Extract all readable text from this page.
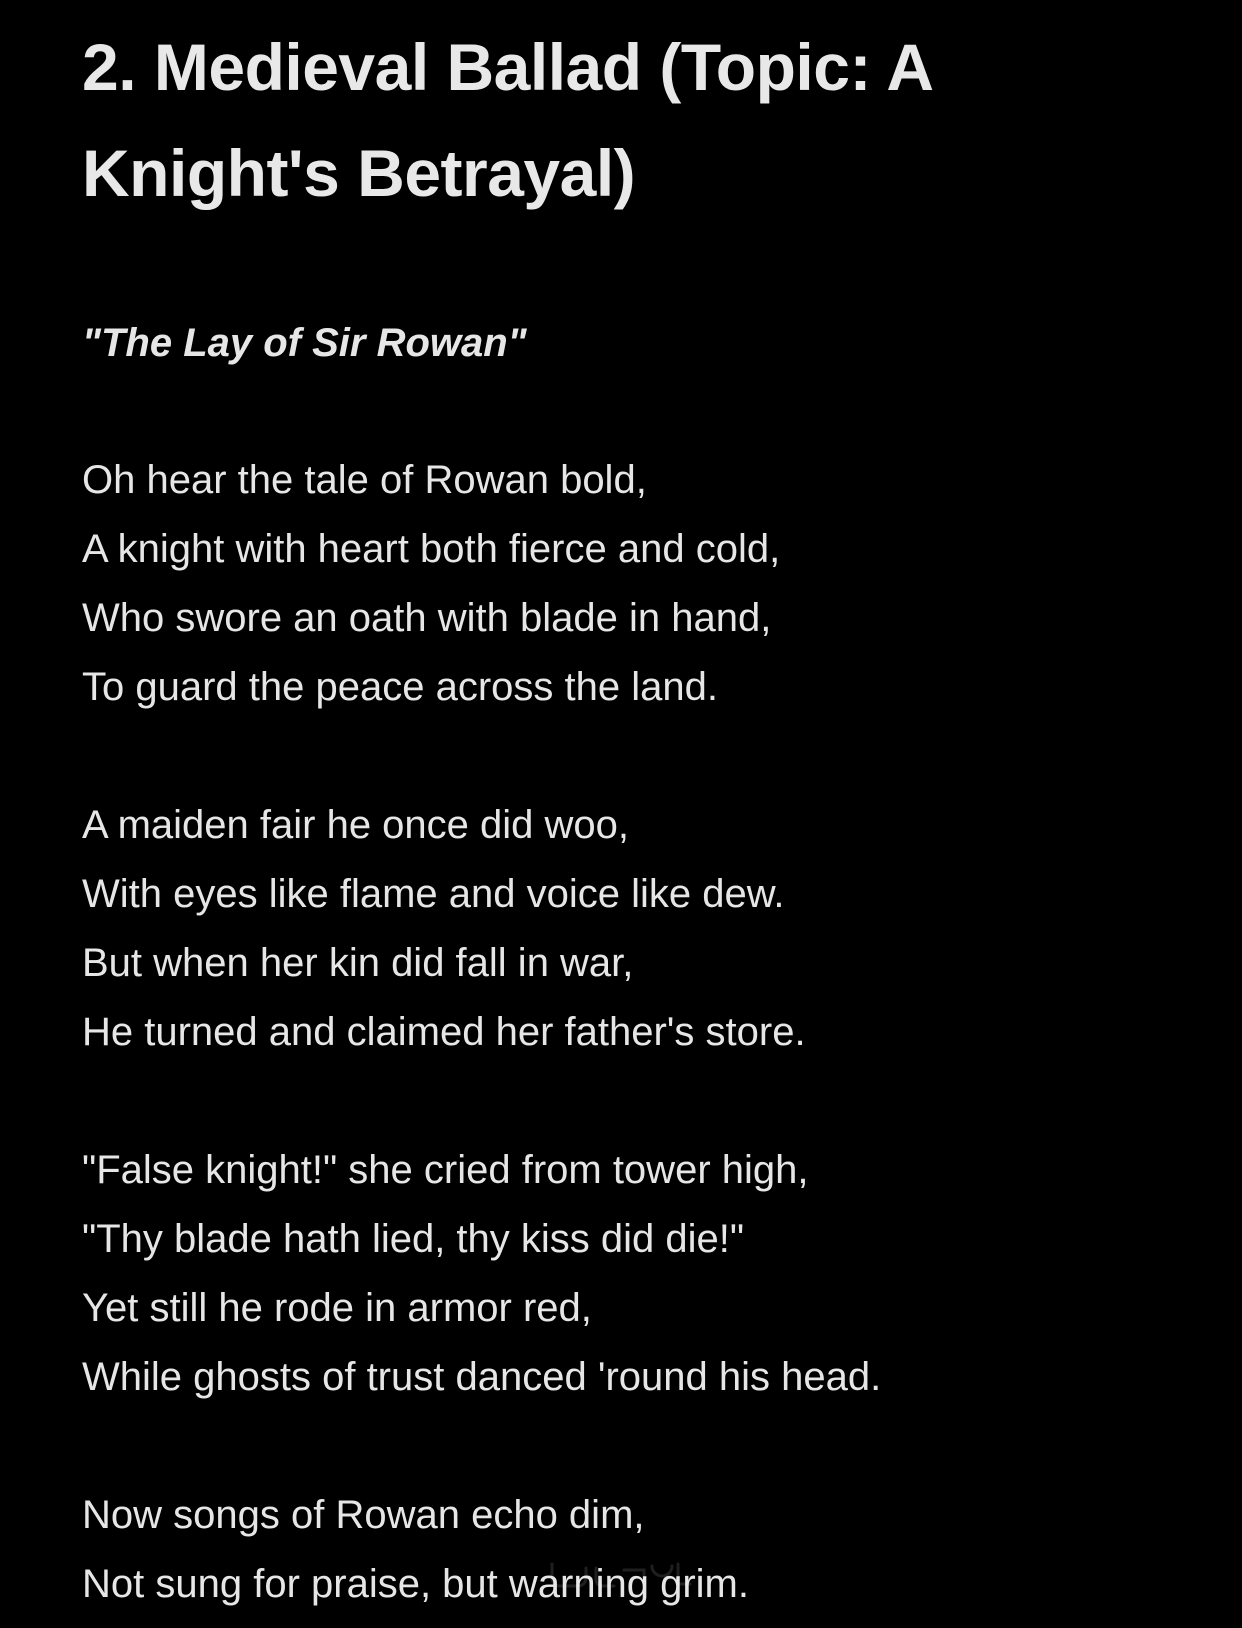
2. Medieval Ballad (Topic: A
Knight's Betrayal)
"The Lay of Sir Rowan"
Oh hear the tale of Rowan bold,
A knight with heart both fierce and cold,
Who swore an oath with blade in hand,
To guard the peace across the land.
A maiden fair he once did woo,
With eyes like flame and voice like dew.
But when her kin did fall in war,
He turned and claimed her father's store.
"False knight!" she cried from tower high,
"Thy blade hath lied, thy kiss did die!"
Yet still he rode in armor red,
While ghosts of trust danced 'round his head.
Now songs of Rowan echo dim,
Not sung for praise, but warning grim.
